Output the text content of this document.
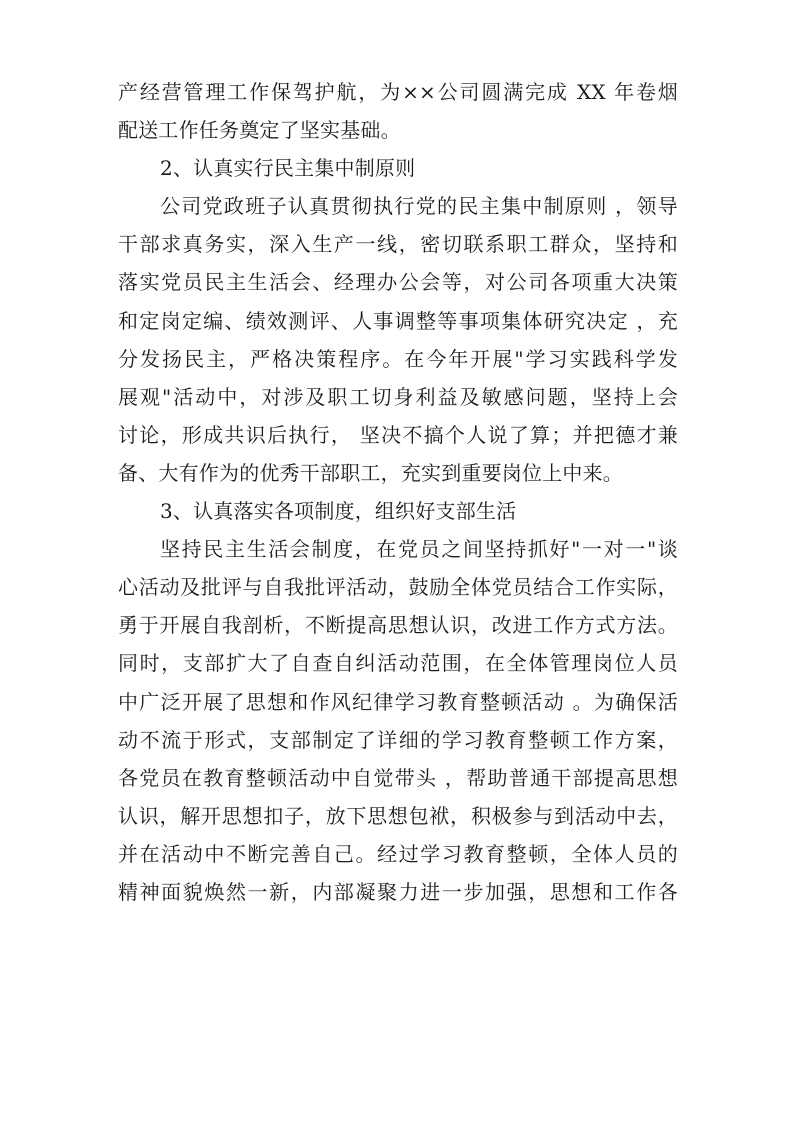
产经营管理工作保驾护航，为××公司圆满完成 XX 年卷烟
配送工作任务奠定了坚实基础。
2、认真实行民主集中制原则
公司党政班子认真贯彻执行党的民主集中制原则 ，领导
干部求真务实，深入生产一线，密切联系职工群众，坚持和
落实党员民主生活会、经理办公会等，对公司各项重大决策
和定岗定编、绩效测评、人事调整等事项集体研究决定 ，充
分发扬民主，严格决策程序。在今年开展"学习实践科学发
展观"活动中，对涉及职工切身利益及敏感问题，坚持上会
讨论，形成共识后执行， 坚决不搞个人说了算；并把德才兼
备、大有作为的优秀干部职工，充实到重要岗位上中来。
3、认真落实各项制度，组织好支部生活
坚持民主生活会制度，在党员之间坚持抓好"一对一"谈
心活动及批评与自我批评活动，鼓励全体党员结合工作实际，
勇于开展自我剖析，不断提高思想认识，改进工作方式方法。
同时，支部扩大了自查自纠活动范围，在全体管理岗位人员
中广泛开展了思想和作风纪律学习教育整顿活动 。为确保活
动不流于形式，支部制定了详细的学习教育整顿工作方案，
各党员在教育整顿活动中自觉带头 ，帮助普通干部提高思想
认识，解开思想扣子，放下思想包袱，积极参与到活动中去，
并在活动中不断完善自己。经过学习教育整顿，全体人员的
精神面貌焕然一新，内部凝聚力进一步加强，思想和工作各
